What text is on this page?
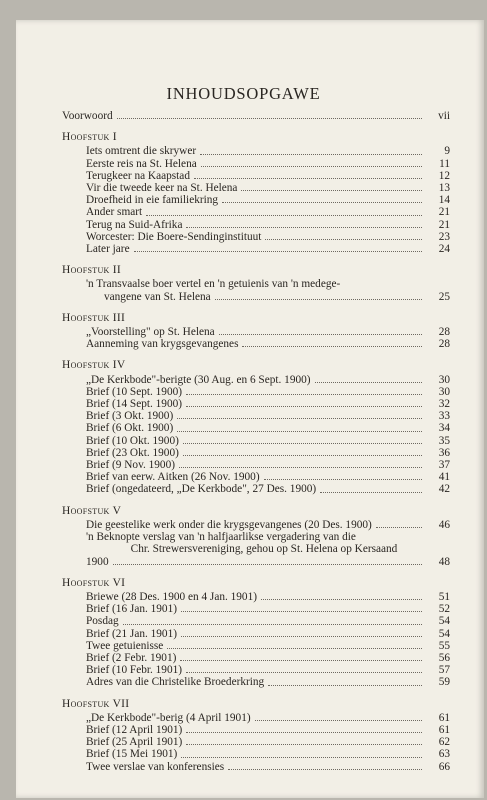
INHOUDSOPGAWE
Voorwoord	vii
Hoofstuk I
Iets omtrent die skrywer	9
Eerste reis na St. Helena	11
Terugkeer na Kaapstad	12
Vir die tweede keer na St. Helena	13
Droefheid in eie familiekring	14
Ander smart	21
Terug na Suid-Afrika	21
Worcester: Die Boere-Sendinginstituut	23
Later jare	24
Hoofstuk II
'n Transvaalse boer vertel en 'n getuienis van 'n medege-
vangene van St. Helena	25
Hoofstuk III
„Voorstelling" op St. Helena	28
Aanneming van krygsgevangenes	28
Hoofstuk IV
„De Kerkbode"-berigte (30 Aug. en 6 Sept. 1900)	30
Brief (10 Sept. 1900)	30
Brief (14 Sept. 1900)	32
Brief (3 Okt. 1900)	33
Brief (6 Okt. 1900)	34
Brief (10 Okt. 1900)	35
Brief (23 Okt. 1900)	36
Brief (9 Nov. 1900)	37
Brief van eerw. Aitken (26 Nov. 1900)	41
Brief (ongedateerd, „De Kerkbode", 27 Des. 1900)	42
Hoofstuk V
Die geestelike werk onder die krygsgevangenes (20 Des. 1900)	46
'n Beknopte verslag van 'n halfjaarlikse vergadering van die
Chr. Strewersvereniging, gehou op St. Helena op Kersaand
1900	48
Hoofstuk VI
Briewe (28 Des. 1900 en 4 Jan. 1901)	51
Brief (16 Jan. 1901)	52
Posdag	54
Brief (21 Jan. 1901)	54
Twee getuienisse	55
Brief (2 Febr. 1901)	56
Brief (10 Febr. 1901)	57
Adres van die Christelike Broederkring	59
Hoofstuk VII
„De Kerkbode"-berig (4 April 1901)	61
Brief (12 April 1901)	61
Brief (25 April 1901)	62
Brief (15 Mei 1901)	63
Twee verslae van konferensies	66
